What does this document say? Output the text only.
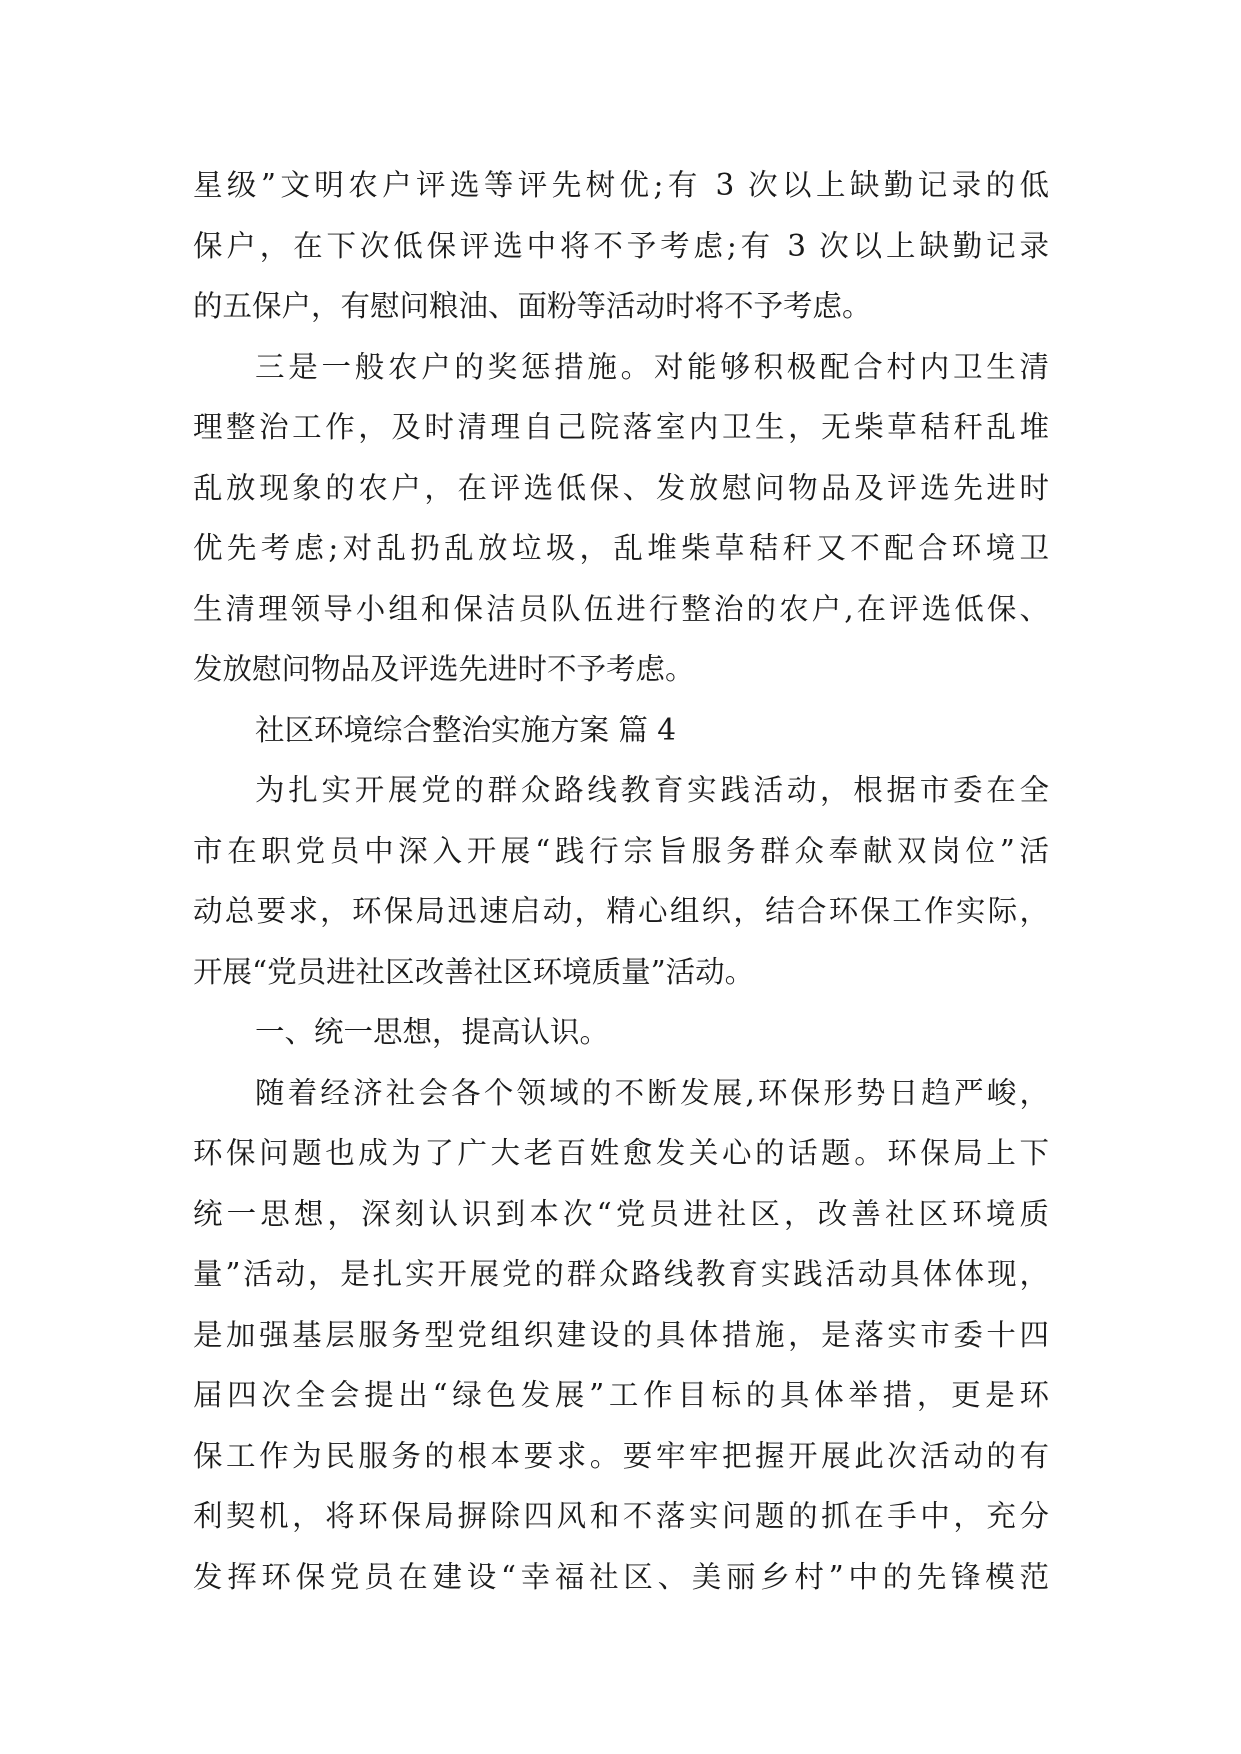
星级”文明农户评选等评先树优;有 3 次以上缺勤记录的低
保户，在下次低保评选中将不予考虑;有 3 次以上缺勤记录
的五保户，有慰问粮油、面粉等活动时将不予考虑。
三是一般农户的奖惩措施。对能够积极配合村内卫生清
理整治工作，及时清理自己院落室内卫生，无柴草秸秆乱堆
乱放现象的农户，在评选低保、发放慰问物品及评选先进时
优先考虑;对乱扔乱放垃圾，乱堆柴草秸秆又不配合环境卫
生清理领导小组和保洁员队伍进行整治的农户,在评选低保、
发放慰问物品及评选先进时不予考虑。
社区环境综合整治实施方案 篇 4
为扎实开展党的群众路线教育实践活动，根据市委在全
市在职党员中深入开展“践行宗旨服务群众奉献双岗位”活
动总要求，环保局迅速启动，精心组织，结合环保工作实际，
开展“党员进社区改善社区环境质量”活动。
一、统一思想，提高认识。
随着经济社会各个领域的不断发展,环保形势日趋严峻，
环保问题也成为了广大老百姓愈发关心的话题。环保局上下
统一思想，深刻认识到本次“党员进社区，改善社区环境质
量”活动，是扎实开展党的群众路线教育实践活动具体体现，
是加强基层服务型党组织建设的具体措施，是落实市委十四
届四次全会提出“绿色发展”工作目标的具体举措，更是环
保工作为民服务的根本要求。要牢牢把握开展此次活动的有
利契机，将环保局摒除四风和不落实问题的抓在手中，充分
发挥环保党员在建设“幸福社区、美丽乡村”中的先锋模范
